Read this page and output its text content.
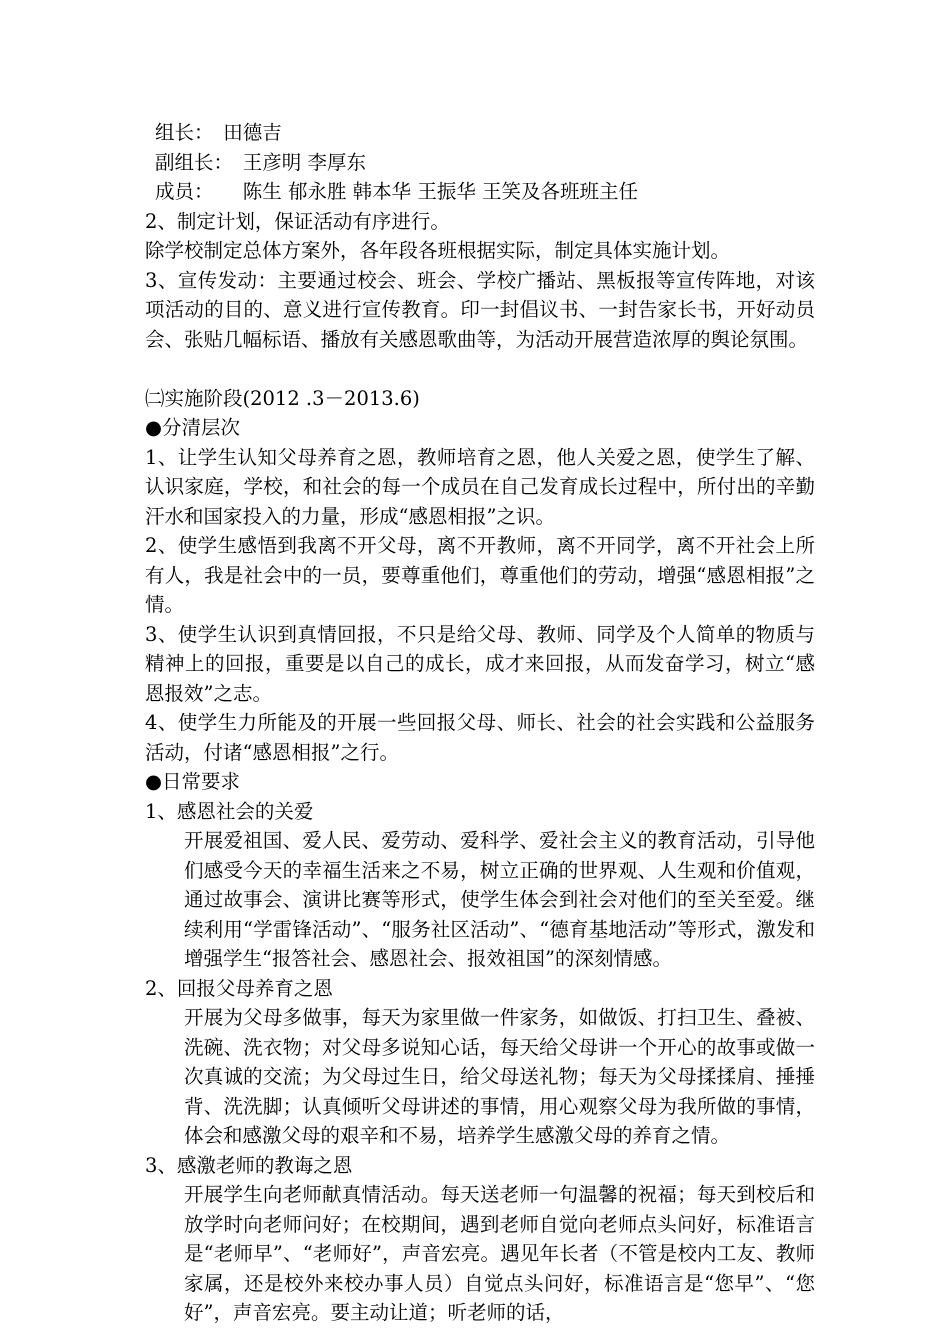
组长：　田德吉
副组长：　王彦明 李厚东
成员：　　陈生 郁永胜 韩本华 王振华 王笑及各班班主任
2、制定计划，保证活动有序进行。
除学校制定总体方案外，各年段各班根据实际，制定具体实施计划。
3、宣传发动：主要通过校会、班会、学校广播站、黑板报等宣传阵地，对该项活动的目的、意义进行宣传教育。印一封倡议书、一封告家长书，开好动员会、张贴几幅标语、播放有关感恩歌曲等，为活动开展营造浓厚的舆论氛围。
㈡实施阶段(2012 .3－2013.6)
● 分清层次
1、让学生认知父母养育之恩，教师培育之恩，他人关爱之恩，使学生了解、认识家庭，学校，和社会的每一个成员在自己发育成长过程中，所付出的辛勤汗水和国家投入的力量，形成“感恩相报”之识。
2、使学生感悟到我离不开父母，离不开教师，离不开同学，离不开社会上所有人，我是社会中的一员，要尊重他们，尊重他们的劳动，增强“感恩相报”之情。
3、使学生认识到真情回报，不只是给父母、教师、同学及个人简单的物质与精神上的回报，重要是以自己的成长，成才来回报，从而发奋学习，树立“感恩报效”之志。
4、使学生力所能及的开展一些回报父母、师长、社会的社会实践和公益服务活动，付诸“感恩相报”之行。
● 日常要求
1、感恩社会的关爱
开展爱祖国、爱人民、爱劳动、爱科学、爱社会主义的教育活动，引导他们感受今天的幸福生活来之不易，树立正确的世界观、人生观和价值观，通过故事会、演讲比赛等形式，使学生体会到社会对他们的至关至爱。继续利用“学雷锋活动”、“服务社区活动”、“德育基地活动”等形式，激发和增强学生“报答社会、感恩社会、报效祖国”的深刻情感。
2、回报父母养育之恩
开展为父母多做事，每天为家里做一件家务，如做饭、打扫卫生、叠被、洗碗、洗衣物；对父母多说知心话，每天给父母讲一个开心的故事或做一次真诚的交流；为父母过生日，给父母送礼物；每天为父母揉揉肩、捶捶背、洗洗脚；认真倾听父母讲述的事情，用心观察父母为我所做的事情，体会和感激父母的艰辛和不易，培养学生感激父母的养育之情。
3、感激老师的教诲之恩
开展学生向老师献真情活动。每天送老师一句温馨的祝福；每天到校后和放学时向老师问好；在校期间，遇到老师自觉向老师点头问好，标准语言是“老师早”、“老师好”，声音宏亮。遇见年长者（不管是校内工友、教师家属，还是校外来校办事人员）自觉点头问好，标准语言是“您早”、“您好”，声音宏亮。要主动让道；听老师的话，
